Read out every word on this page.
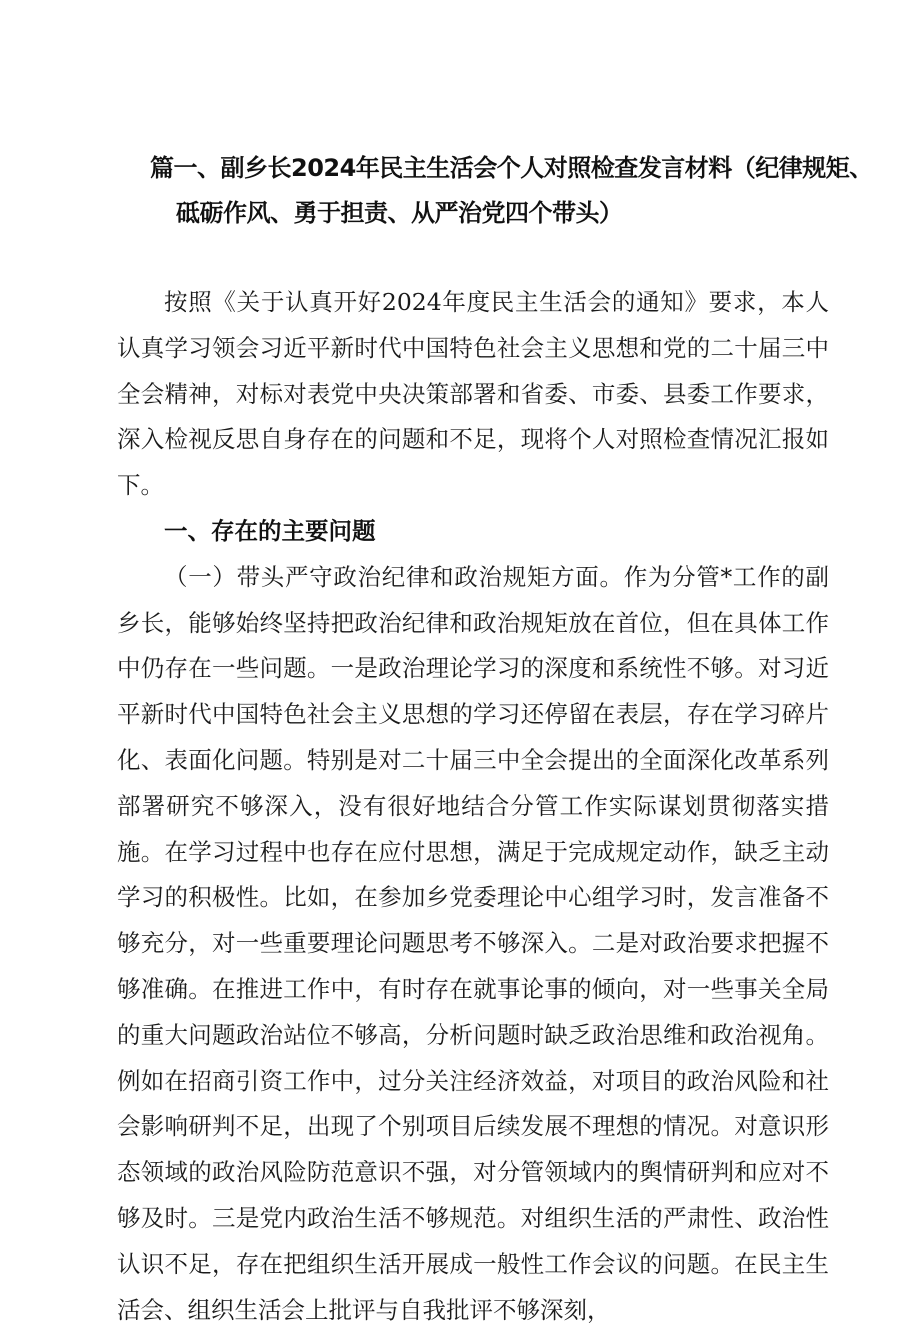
篇一、副乡长2024年民主生活会个人对照检查发言材料（纪律规矩、
砥砺作风、勇于担责、从严治党四个带头）

按照《关于认真开好2024年度民主生活会的通知》要求，本人认真学习领会习近平新时代中国特色社会主义思想和党的二十届三中全会精神，对标对表党中央决策部署和省委、市委、县委工作要求，深入检视反思自身存在的问题和不足，现将个人对照检查情况汇报如下。

一、存在的主要问题

（一）带头严守政治纪律和政治规矩方面。作为分管*工作的副乡长，能够始终坚持把政治纪律和政治规矩放在首位，但在具体工作中仍存在一些问题。一是政治理论学习的深度和系统性不够。对习近平新时代中国特色社会主义思想的学习还停留在表层，存在学习碎片化、表面化问题。特别是对二十届三中全会提出的全面深化改革系列部署研究不够深入，没有很好地结合分管工作实际谋划贯彻落实措施。在学习过程中也存在应付思想，满足于完成规定动作，缺乏主动学习的积极性。比如，在参加乡党委理论中心组学习时，发言准备不够充分，对一些重要理论问题思考不够深入。二是对政治要求把握不够准确。在推进工作中，有时存在就事论事的倾向，对一些事关全局的重大问题政治站位不够高，分析问题时缺乏政治思维和政治视角。例如在招商引资工作中，过分关注经济效益，对项目的政治风险和社会影响研判不足，出现了个别项目后续发展不理想的情况。对意识形态领域的政治风险防范意识不强，对分管领域内的舆情研判和应对不够及时。三是党内政治生活不够规范。对组织生活的严肃性、政治性认识不足，存在把组织生活开展成一般性工作会议的问题。在民主生活会、组织生活会上批评与自我批评不够深刻，
